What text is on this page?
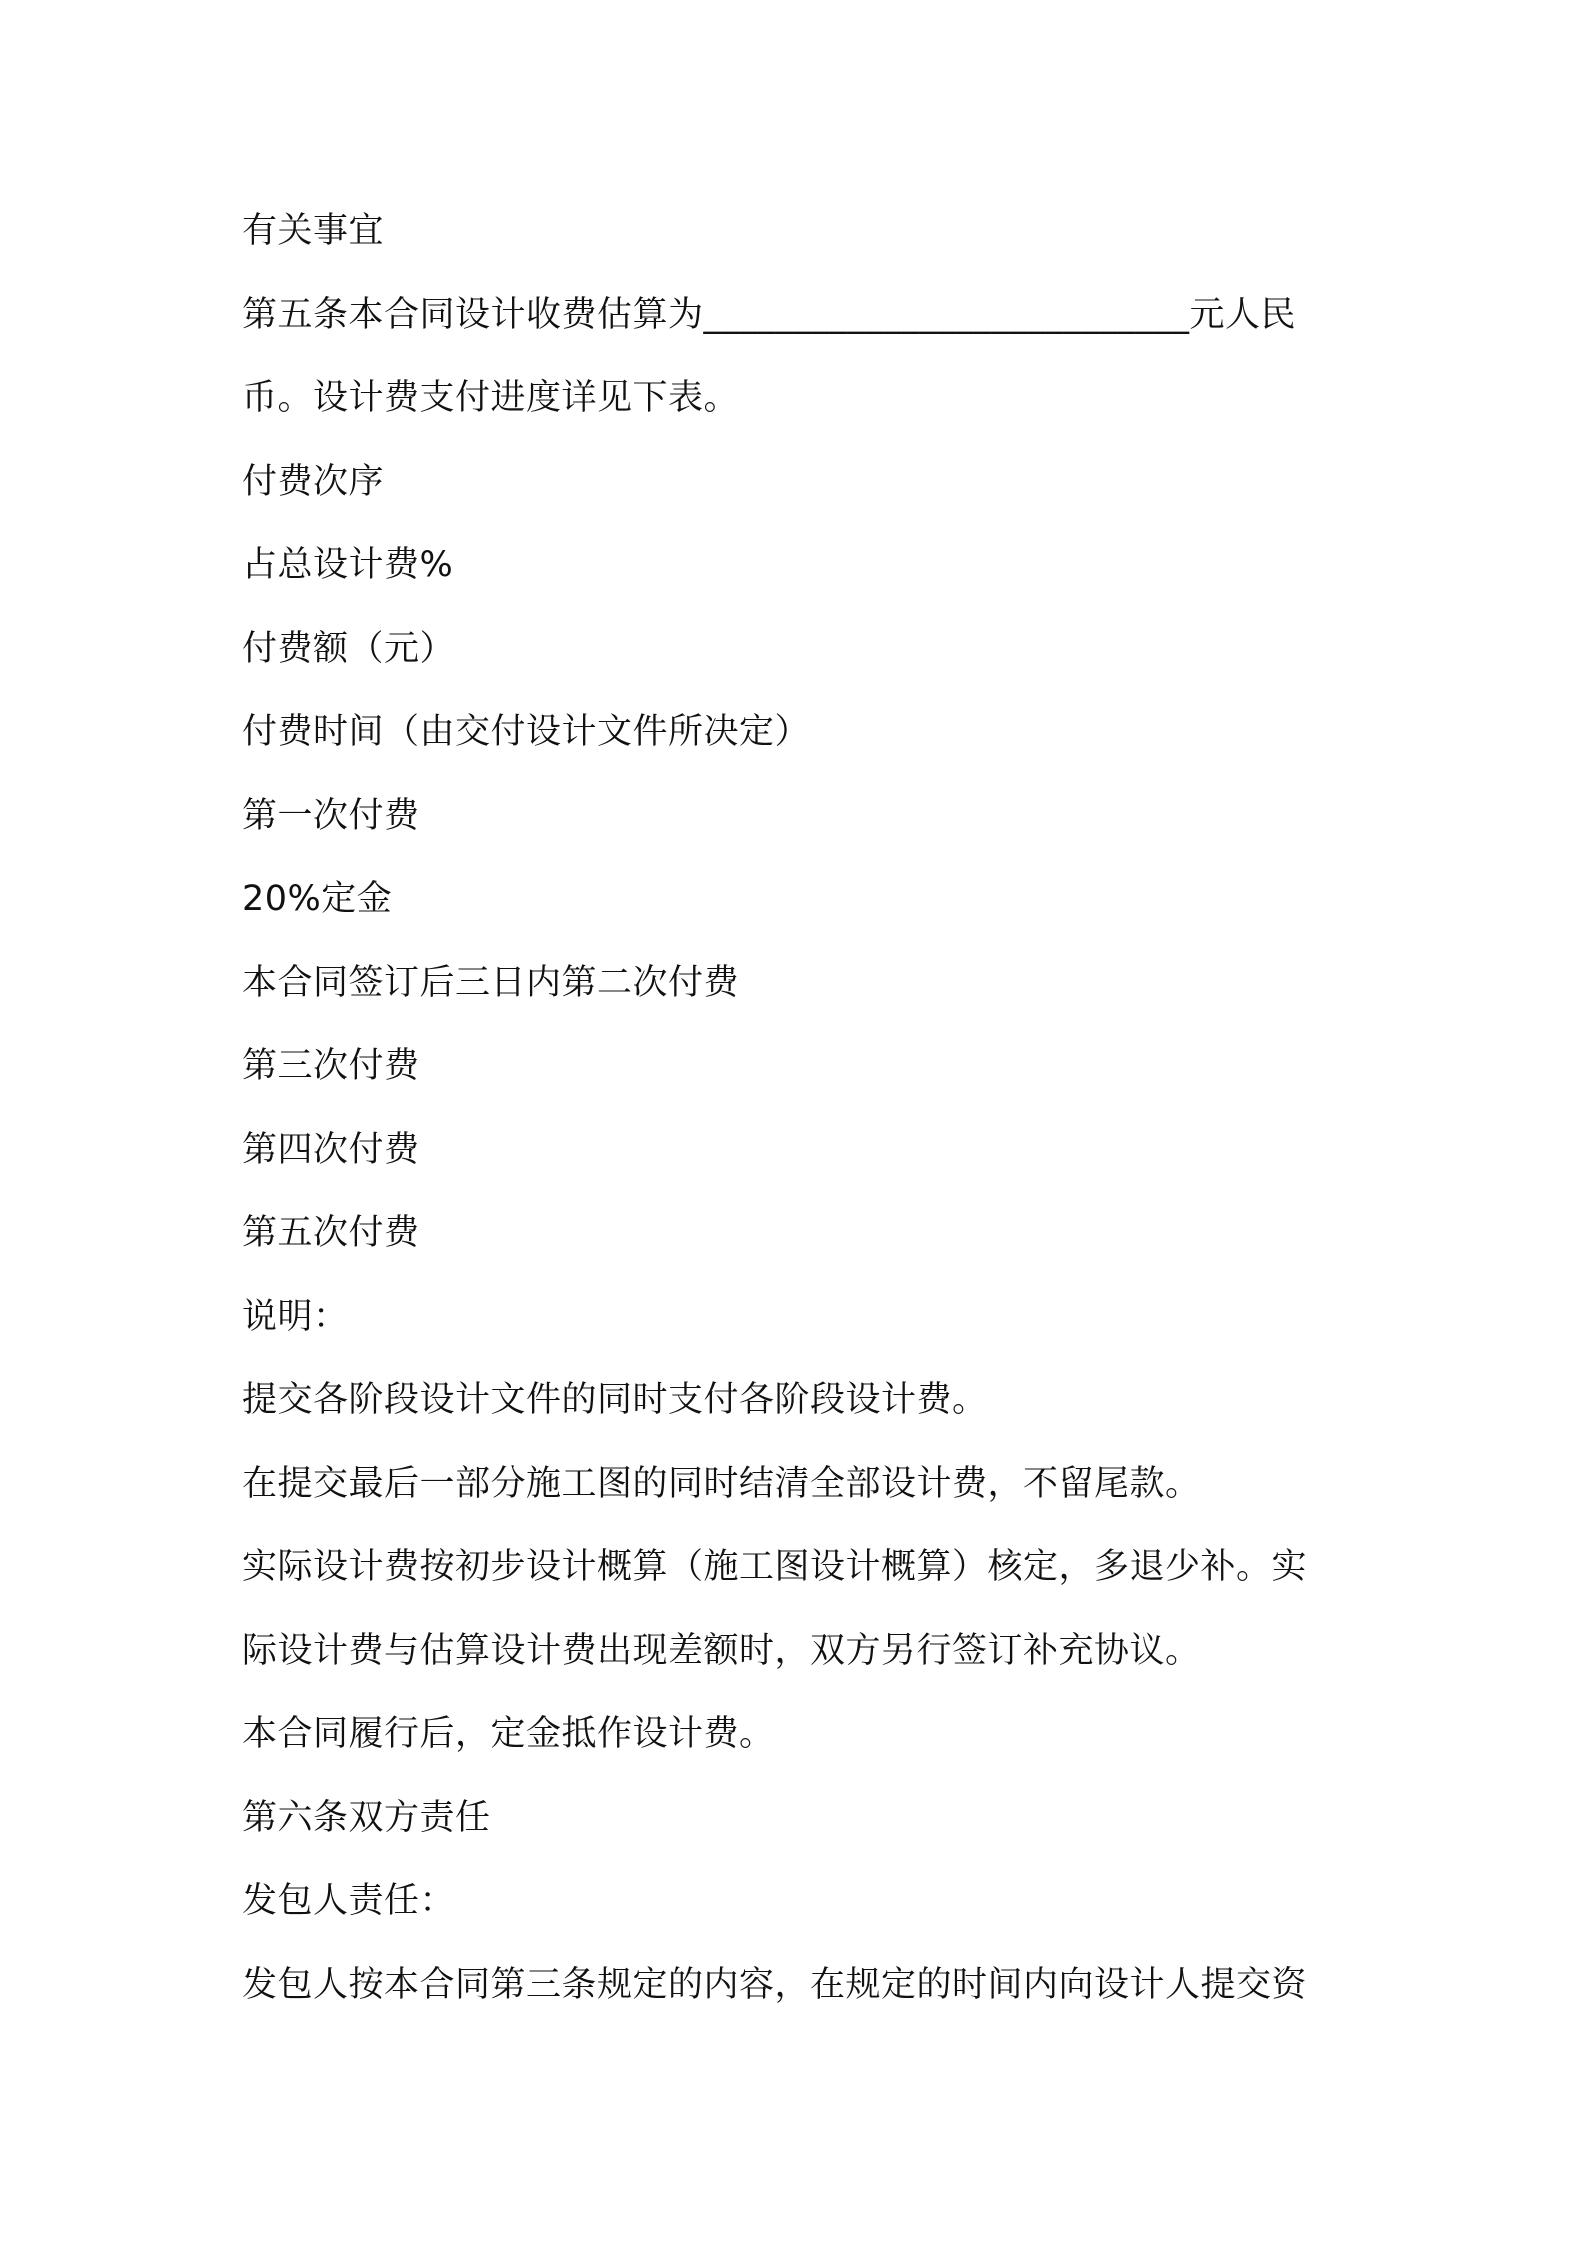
有关事宜
第五条本合同设计收费估算为___________________________元人民
币。设计费支付进度详见下表。
付费次序
占总设计费%
付费额（元）
付费时间（由交付设计文件所决定）
第一次付费
20%定金
本合同签订后三日内第二次付费
第三次付费
第四次付费
第五次付费
说明：
提交各阶段设计文件的同时支付各阶段设计费。
在提交最后一部分施工图的同时结清全部设计费，不留尾款。
实际设计费按初步设计概算（施工图设计概算）核定，多退少补。实
际设计费与估算设计费出现差额时，双方另行签订补充协议。
本合同履行后，定金抵作设计费。
第六条双方责任
发包人责任：
发包人按本合同第三条规定的内容，在规定的时间内向设计人提交资
